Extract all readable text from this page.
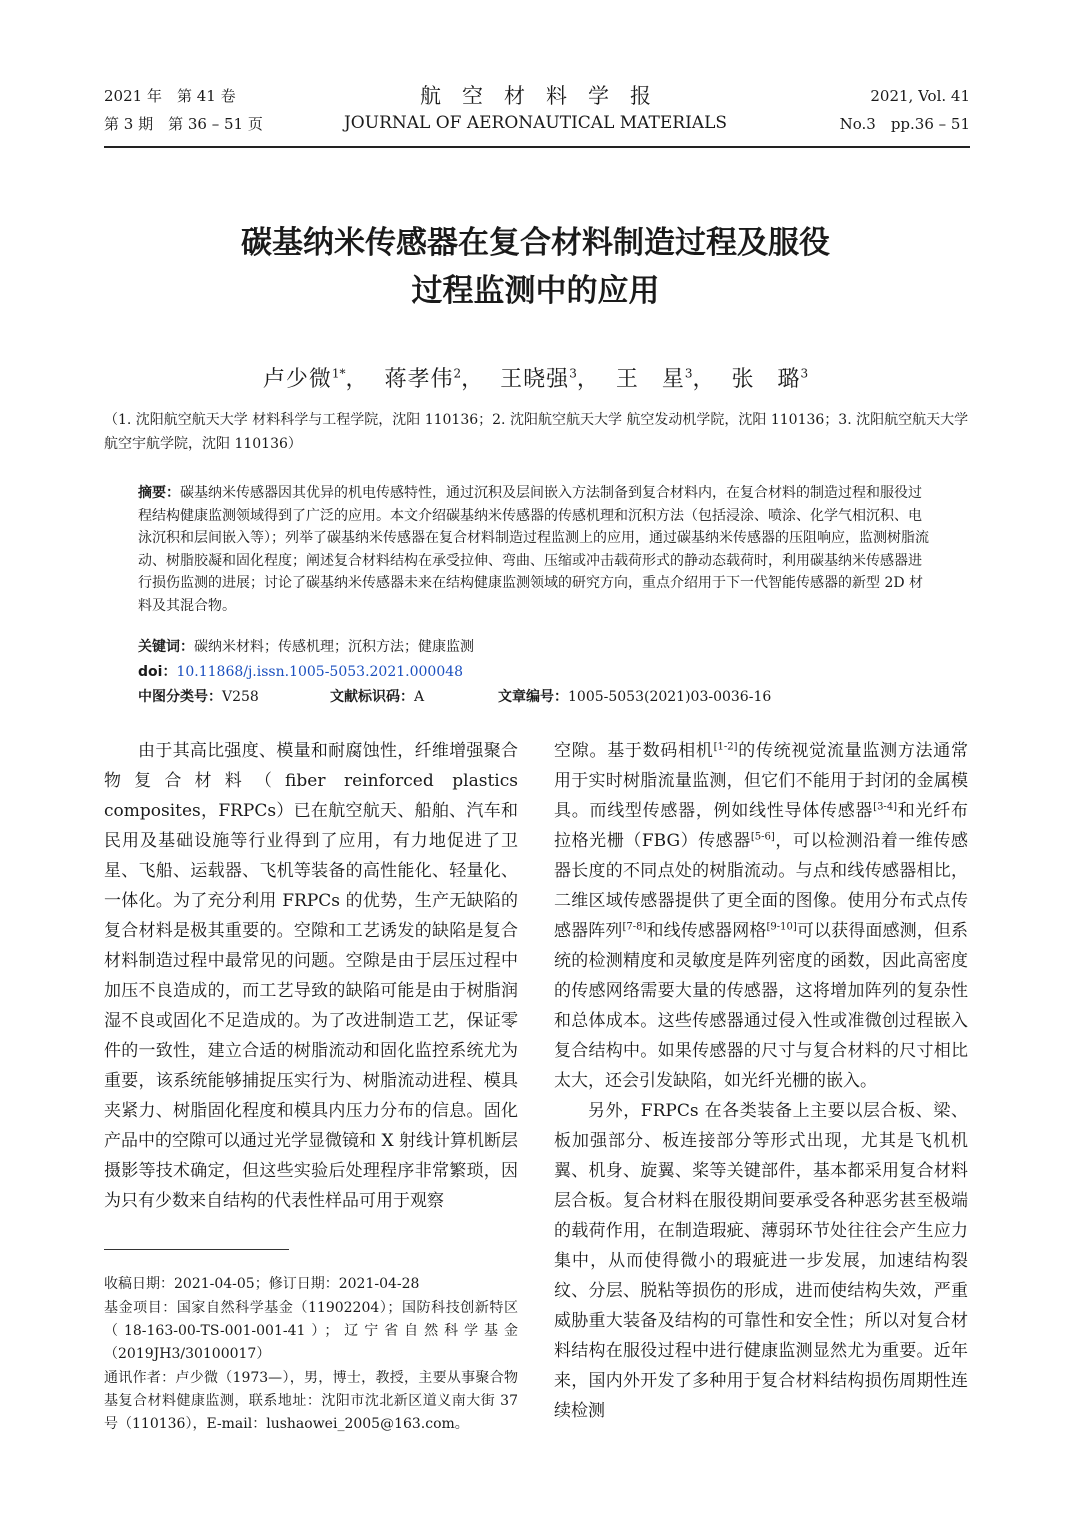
2021 年　第 41 卷
第 3 期　第 36 – 51 页
航　空　材　料　学　报
JOURNAL OF AERONAUTICAL MATERIALS
2021, Vol. 41
No.3　pp.36 – 51
碳基纳米传感器在复合材料制造过程及服役
过程监测中的应用
卢少微$^{1*}$，  蒋孝伟$^2$，  王晓强$^3$，  王　星$^3$，  张　璐$^3$
（1. 沈阳航空航天大学 材料科学与工程学院，沈阳 110136；2. 沈阳航空航天大学 航空发动机学院，沈阳 110136；3. 沈阳航空航天大学 航空宇航学院，沈阳 110136）
摘要：碳基纳米传感器因其优异的机电传感特性，通过沉积及层间嵌入方法制备到复合材料内，在复合材料的制造过程和服役过程结构健康监测领域得到了广泛的应用。本文介绍碳基纳米传感器的传感机理和沉积方法（包括浸涂、喷涂、化学气相沉积、电泳沉积和层间嵌入等）；列举了碳基纳米传感器在复合材料制造过程监测上的应用，通过碳基纳米传感器的压阻响应，监测树脂流动、树脂胶凝和固化程度；阐述复合材料结构在承受拉伸、弯曲、压缩或冲击载荷形式的静动态载荷时，利用碳基纳米传感器进行损伤监测的进展；讨论了碳基纳米传感器未来在结构健康监测领域的研究方向，重点介绍用于下一代智能传感器的新型 2D 材料及其混合物。
关键词：碳纳米材料；传感机理；沉积方法；健康监测
doi：10.11868/j.issn.1005-5053.2021.000048
中图分类号：V258	文献标识码：A	文章编号：1005-5053(2021)03-0036-16

由于其高比强度、模量和耐腐蚀性，纤维增强聚合物复合材料（fiber reinforced plastics composites，FRPCs）已在航空航天、船舶、汽车和民用及基础设施等行业得到了应用，有力地促进了卫星、飞船、运载器、飞机等装备的高性能化、轻量化、一体化。为了充分利用 FRPCs 的优势，生产无缺陷的复合材料是极其重要的。空隙和工艺诱发的缺陷是复合材料制造过程中最常见的问题。空隙是由于层压过程中加压不良造成的，而工艺导致的缺陷可能是由于树脂润湿不良或固化不足造成的。为了改进制造工艺，保证零件的一致性，建立合适的树脂流动和固化监控系统尤为重要，该系统能够捕捉压实行为、树脂流动进程、模具夹紧力、树脂固化程度和模具内压力分布的信息。固化产品中的空隙可以通过光学显微镜和 X 射线计算机断层摄影等技术确定，但这些实验后处理程序非常繁琐，因为只有少数来自结构的代表性样品可用于观察

空隙。基于数码相机[1-2]的传统视觉流量监测方法通常用于实时树脂流量监测，但它们不能用于封闭的金属模具。而线型传感器，例如线性导体传感器[3-4]和光纤布拉格光栅（FBG）传感器[5-6]，可以检测沿着一维传感器长度的不同点处的树脂流动。与点和线传感器相比，二维区域传感器提供了更全面的图像。使用分布式点传感器阵列[7-8]和线传感器网格[9-10]可以获得面感测，但系统的检测精度和灵敏度是阵列密度的函数，因此高密度的传感网络需要大量的传感器，这将增加阵列的复杂性和总体成本。这些传感器通过侵入性或准微创过程嵌入复合结构中。如果传感器的尺寸与复合材料的尺寸相比太大，还会引发缺陷，如光纤光栅的嵌入。

另外，FRPCs 在各类装备上主要以层合板、梁、板加强部分、板连接部分等形式出现，尤其是飞机机翼、机身、旋翼、桨等关键部件，基本都采用复合材料层合板。复合材料在服役期间要承受各种恶劣甚至极端的载荷作用，在制造瑕疵、薄弱环节处往往会产生应力集中，从而使得微小的瑕疵进一步发展，加速结构裂纹、分层、脱粘等损伤的形成，进而使结构失效，严重威胁重大装备及结构的可靠性和安全性；所以对复合材料结构在服役过程中进行健康监测显然尤为重要。近年来，国内外开发了多种用于复合材料结构损伤周期性连续检测

收稿日期：2021-04-05；修订日期：2021-04-28
基金项目：国家自然科学基金（11902204）；国防科技创新特区（18-163-00-TS-001-001-41）；辽宁省自然科学基金（2019JH3/30100017）
通讯作者：卢少微（1973—），男，博士，教授，主要从事聚合物基复合材料健康监测，联系地址：沈阳市沈北新区道义南大街 37 号（110136），E-mail：lushaowei_2005@163.com。
